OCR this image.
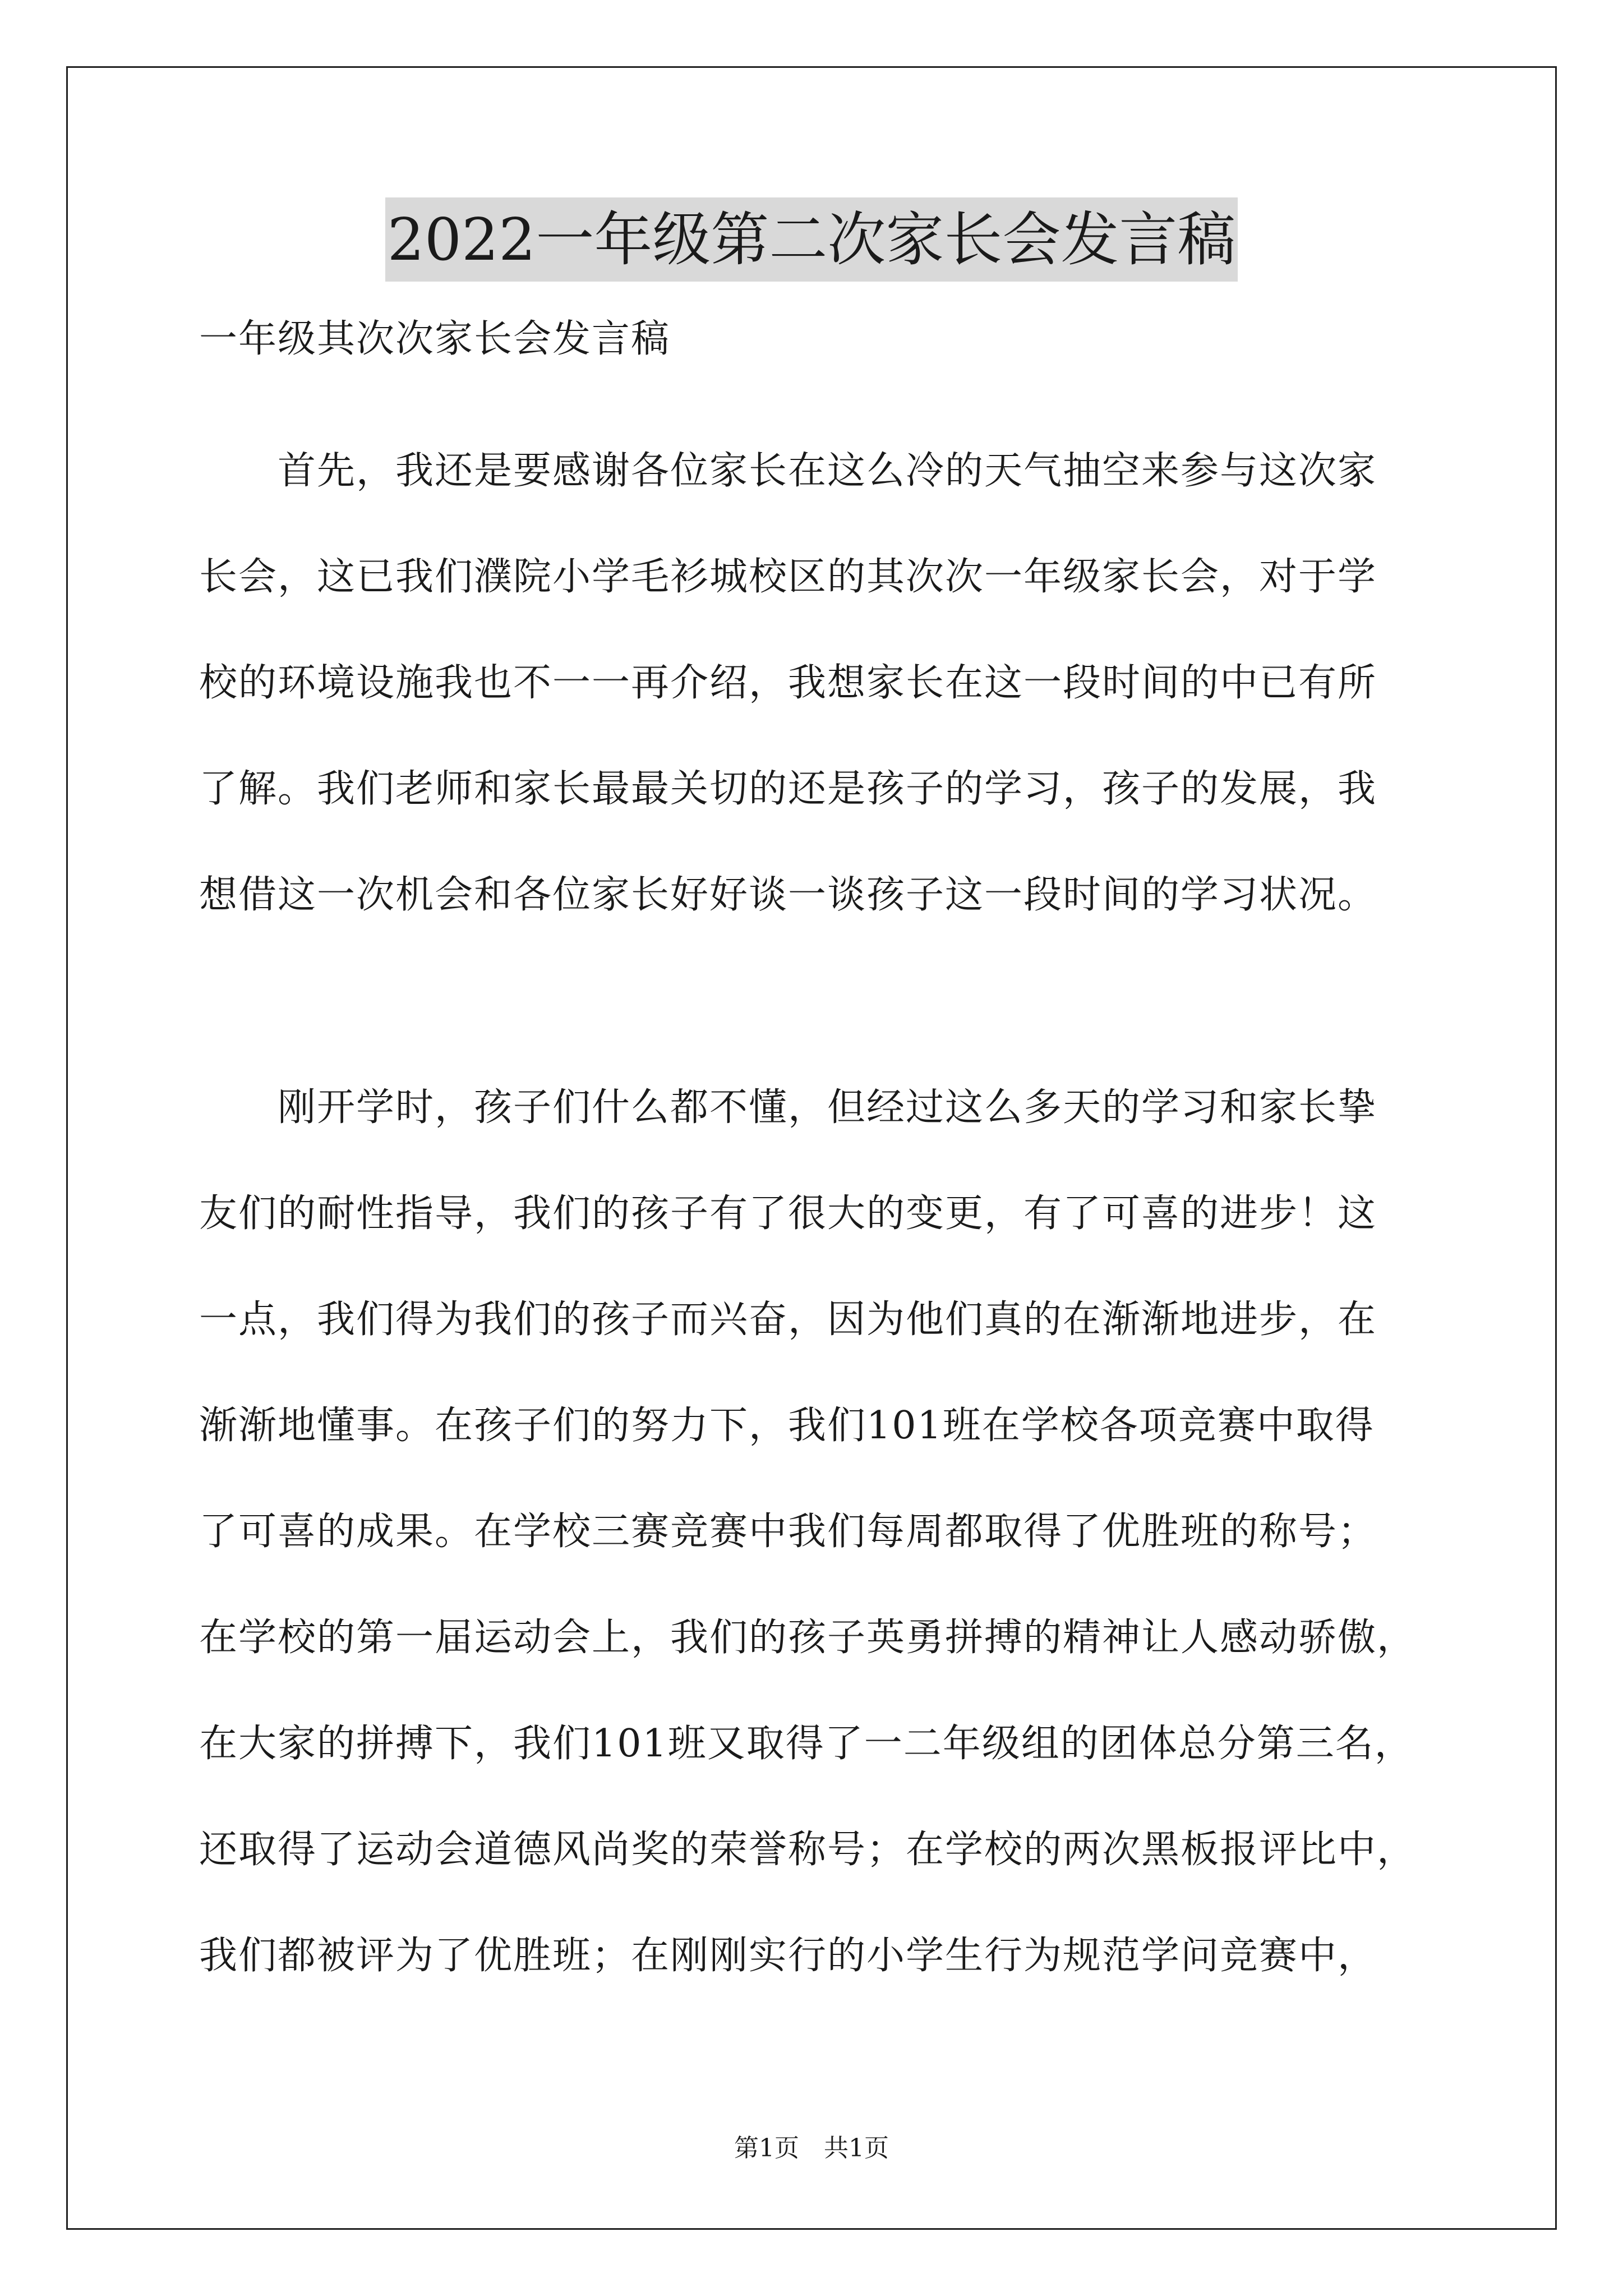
2022一年级第二次家长会发言稿
一年级其次次家长会发言稿
首先，我还是要感谢各位家长在这么冷的天气抽空来参与这次家
长会，这已我们濮院小学毛衫城校区的其次次一年级家长会，对于学
校的环境设施我也不一一再介绍，我想家长在这一段时间的中已有所
了解。我们老师和家长最最关切的还是孩子的学习，孩子的发展，我
想借这一次机会和各位家长好好谈一谈孩子这一段时间的学习状况。
刚开学时，孩子们什么都不懂，但经过这么多天的学习和家长挚
友们的耐性指导，我们的孩子有了很大的变更，有了可喜的进步！这
一点，我们得为我们的孩子而兴奋，因为他们真的在渐渐地进步，在
渐渐地懂事。在孩子们的努力下，我们101班在学校各项竞赛中取得
了可喜的成果。在学校三赛竞赛中我们每周都取得了优胜班的称号；
在学校的第一届运动会上，我们的孩子英勇拼搏的精神让人感动骄傲，
在大家的拼搏下，我们101班又取得了一二年级组的团体总分第三名，
还取得了运动会道德风尚奖的荣誉称号；在学校的两次黑板报评比中，
我们都被评为了优胜班；在刚刚实行的小学生行为规范学问竞赛中，
第1页　共1页
